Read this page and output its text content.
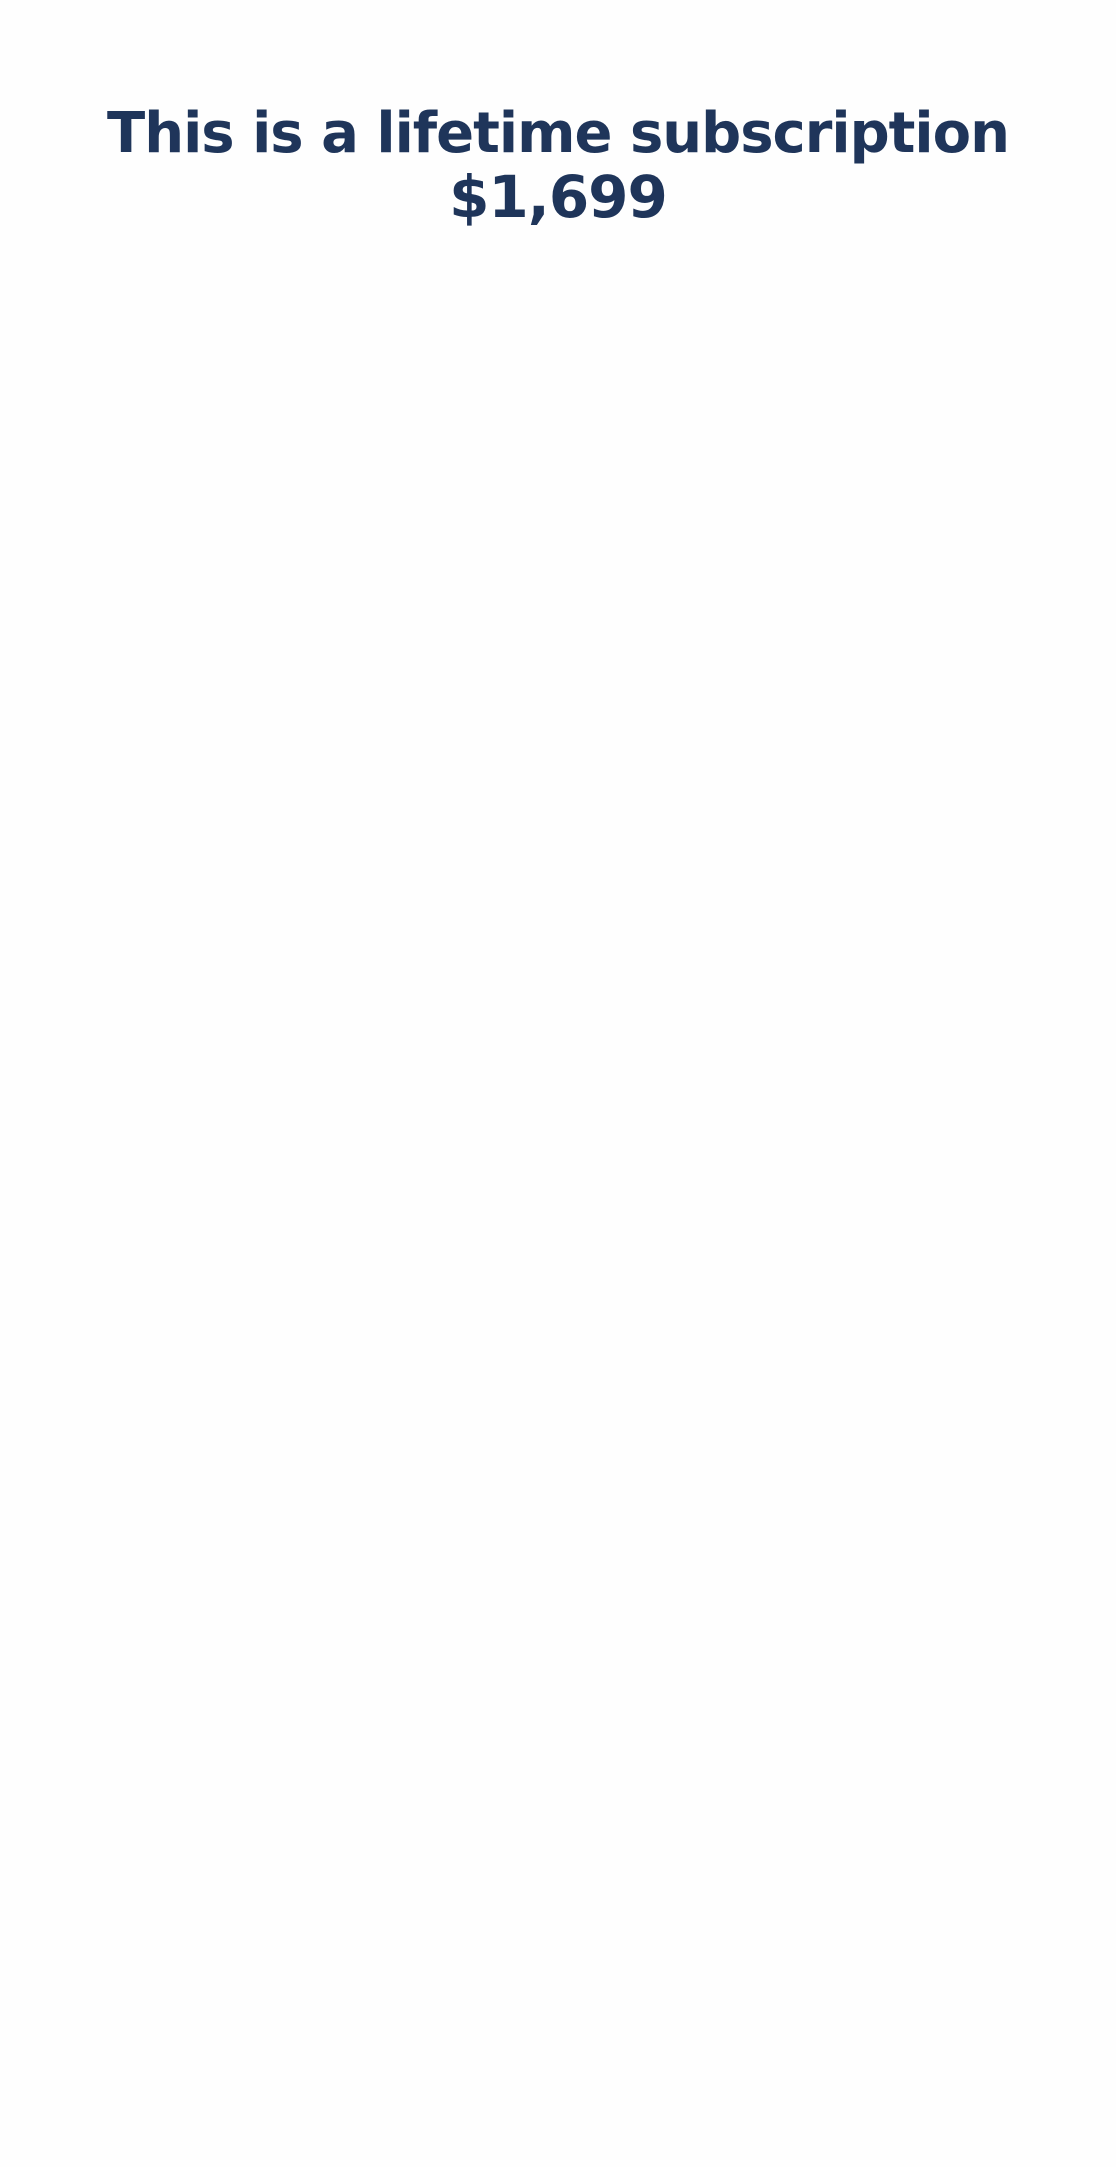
This is a lifetime subscription
$1,699
